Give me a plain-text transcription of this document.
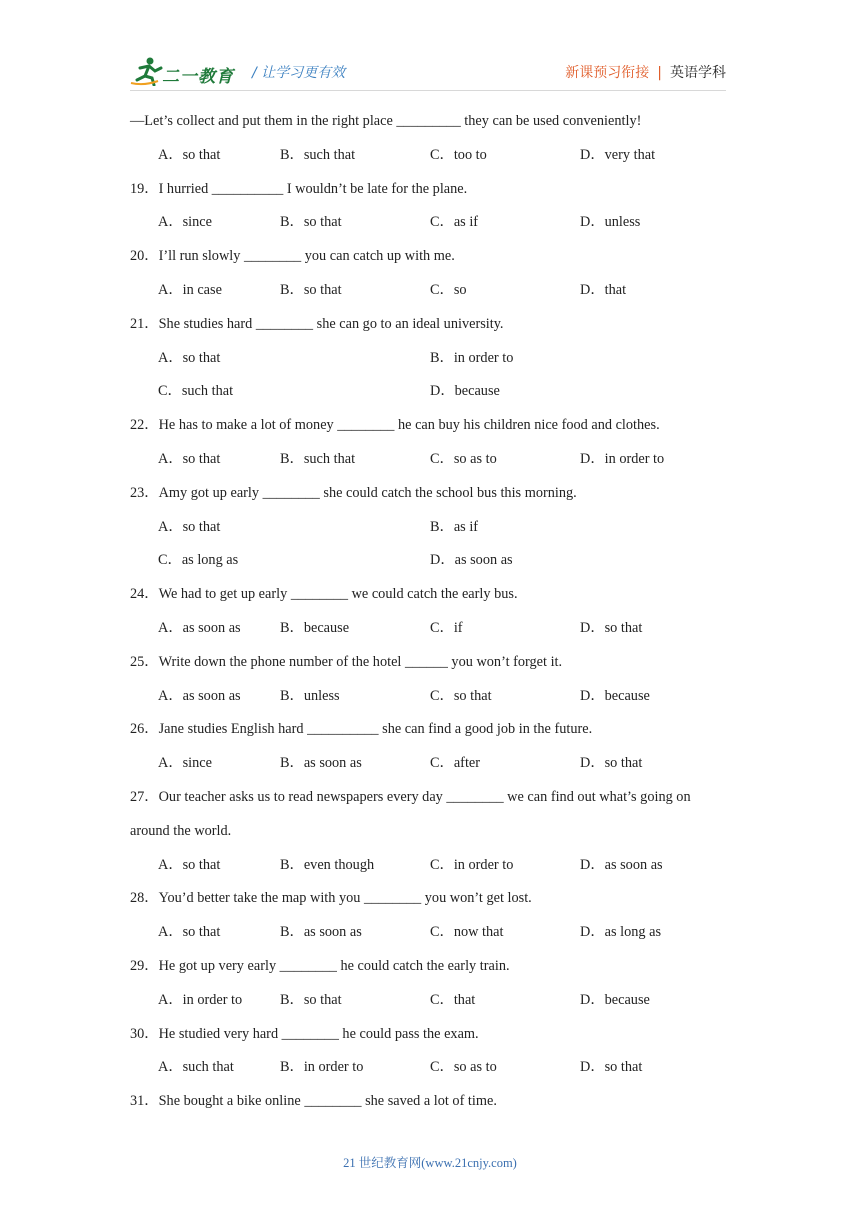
二一教育 / 让学习更有效	新课预习衔接 | 英语学科
—Let’s collect and put them in the right place _________ they can be used conveniently!
A．so that	B．such that	C．too to	D．very that
19．I hurried __________ I wouldn’t be late for the plane.
A．since	B．so that	C．as if	D．unless
20．I’ll run slowly ________ you can catch up with me.
A．in case	B．so that	C．so	D．that
21．She studies hard ________ she can go to an ideal university.
A．so that	B．in order to
C．such that	D．because
22．He has to make a lot of money ________ he can buy his children nice food and clothes.
A．so that	B．such that	C．so as to	D．in order to
23．Amy got up early ________ she could catch the school bus this morning.
A．so that	B．as if
C．as long as	D．as soon as
24．We had to get up early ________ we could catch the early bus.
A．as soon as	B．because	C．if	D．so that
25．Write down the phone number of the hotel ______ you won’t forget it.
A．as soon as	B．unless	C．so that	D．because
26．Jane studies English hard __________ she can find a good job in the future.
A．since	B．as soon as	C．after	D．so that
27．Our teacher asks us to read newspapers every day ________ we can find out what’s going on
around the world.
A．so that	B．even though	C．in order to	D．as soon as
28．You’d better take the map with you ________ you won’t get lost.
A．so that	B．as soon as	C．now that	D．as long as
29．He got up very early ________ he could catch the early train.
A．in order to	B．so that	C．that	D．because
30．He studied very hard ________ he could pass the exam.
A．such that	B．in order to	C．so as to	D．so that
31．She bought a bike online ________ she saved a lot of time.
21 世纪教育网(www.21cnjy.com)
